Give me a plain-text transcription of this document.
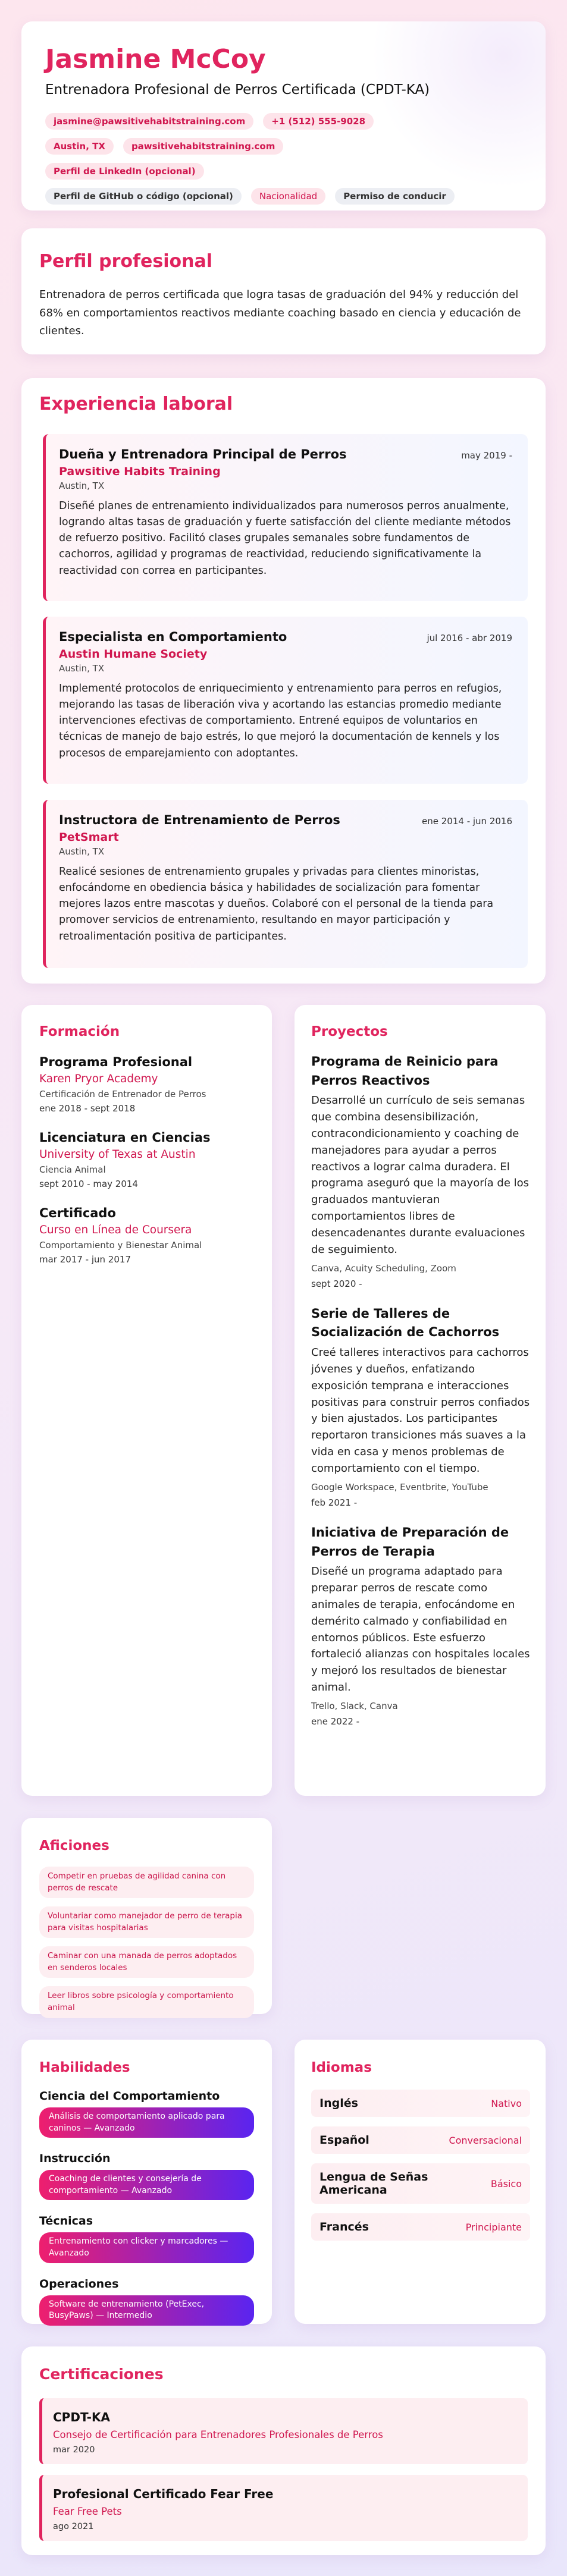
Jasmine McCoy
Entrenadora Profesional de Perros Certificada (CPDT-KA)
jasmine@pawsitivehabitstraining.com	+1 (512) 555-9028Austin, TX	pawsitivehabitstraining.comPerfil de LinkedIn (opcional)
Perfil de GitHub o código (opcional)	Nacionalidad	Permiso de conducir
Perfil profesional
Entrenadora de perros certificada que logra tasas de graduación del 94% y reducción del 68% en comportamientos reactivos mediante coaching basado en ciencia y educación de clientes.
Experiencia laboral
Dueña y Entrenadora Principal de Perros	may 2019 -
Pawsitive Habits Training
Austin, TX
Diseñé planes de entrenamiento individualizados para numerosos perros anualmente, logrando altas tasas de graduación y fuerte satisfacción del cliente mediante métodos de refuerzo positivo. Facilitó clases grupales semanales sobre fundamentos de cachorros, agilidad y programas de reactividad, reduciendo significativamente la reactividad con correa en participantes.
Especialista en Comportamiento	jul 2016 - abr 2019
Austin Humane Society
Austin, TX
Implementé protocolos de enriquecimiento y entrenamiento para perros en refugios, mejorando las tasas de liberación viva y acortando las estancias promedio mediante intervenciones efectivas de comportamiento. Entrené equipos de voluntarios en técnicas de manejo de bajo estrés, lo que mejoró la documentación de kennels y los procesos de emparejamiento con adoptantes.
Instructora de Entrenamiento de Perros	ene 2014 - jun 2016
PetSmart
Austin, TX
Realicé sesiones de entrenamiento grupales y privadas para clientes minoristas, enfocándome en obediencia básica y habilidades de socialización para fomentar mejores lazos entre mascotas y dueños. Colaboré con el personal de la tienda para promover servicios de entrenamiento, resultando en mayor participación y retroalimentación positiva de participantes.
Formación
Programa Profesional
Karen Pryor Academy
Certificación de Entrenador de Perros
ene 2018 - sept 2018
Licenciatura en Ciencias
University of Texas at Austin
Ciencia Animal
sept 2010 - may 2014
Certificado
Curso en Línea de Coursera
Comportamiento y Bienestar Animal
mar 2017 - jun 2017
Proyectos
Programa de Reinicio para Perros Reactivos
Desarrollé un currículo de seis semanas que combina desensibilización, contracondicionamiento y coaching de manejadores para ayudar a perros reactivos a lograr calma duradera. El programa aseguró que la mayoría de los graduados mantuvieran comportamientos libres de desencadenantes durante evaluaciones de seguimiento.
Canva, Acuity Scheduling, Zoom
sept 2020 -
Serie de Talleres de Socialización de Cachorros
Creé talleres interactivos para cachorros jóvenes y dueños, enfatizando exposición temprana e interacciones positivas para construir perros confiados y bien ajustados. Los participantes reportaron transiciones más suaves a la vida en casa y menos problemas de comportamiento con el tiempo.
Google Workspace, Eventbrite, YouTube
feb 2021 -
Iniciativa de Preparación de Perros de Terapia
Diseñé un programa adaptado para preparar perros de rescate como animales de terapia, enfocándome en demérito calmado y confiabilidad en entornos públicos. Este esfuerzo fortaleció alianzas con hospitales locales y mejoró los resultados de bienestar animal.
Trello, Slack, Canva
ene 2022 -
Aficiones
Competir en pruebas de agilidad canina con perros de rescate
Voluntariar como manejador de perro de terapia para visitas hospitalarias
Caminar con una manada de perros adoptados en senderos locales
Leer libros sobre psicología y comportamiento animal
Habilidades
Ciencia del Comportamiento
Análisis de comportamiento aplicado para caninos — Avanzado
Instrucción
Coaching de clientes y consejería de comportamiento — Avanzado
Técnicas
Entrenamiento con clicker y marcadores — Avanzado
Operaciones
Software de entrenamiento (PetExec, BusyPaws) — Intermedio
Idiomas
Inglés	Nativo
Español	Conversacional
Lengua de Señas Americana	Básico
Francés	Principiante
Certificaciones
CPDT-KA
Consejo de Certificación para Entrenadores Profesionales de Perros
mar 2020
Profesional Certificado Fear Free
Fear Free Pets
ago 2021
